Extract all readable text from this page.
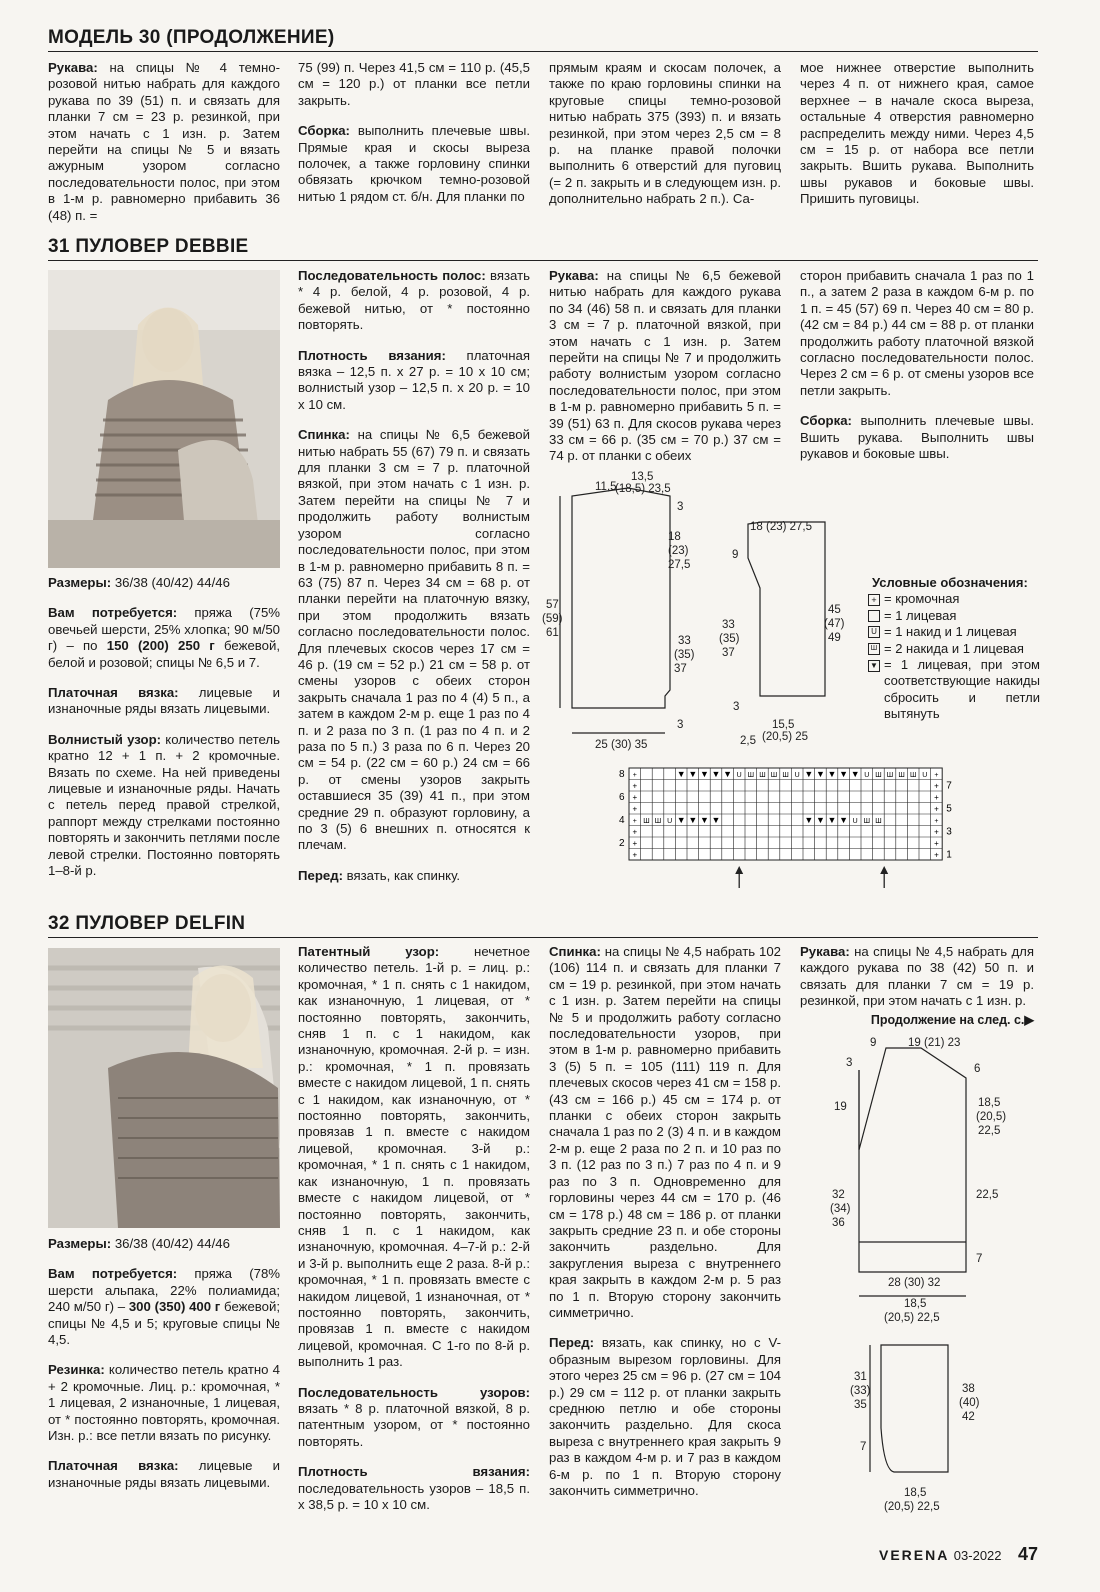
МОДЕЛЬ 30 (ПРОДОЛЖЕНИЕ)

Рукава: на спицы № 4 темно-розовой нитью набрать для каждого рукава по 39 (51) п. и связать для планки 7 см = 23 р. резинкой, при этом начать с 1 изн. р. Затем перейти на спицы № 5 и вязать ажурным узором согласно последовательности полос, при этом в 1-м р. равномерно прибавить 36 (48) п. =

75 (99) п. Через 41,5 см = 110 р. (45,5 см = 120 р.) от планки все петли закрыть.

Сборка: выполнить плечевые швы. Прямые края и скосы выреза полочек, а также горловину спинки обвязать крючком темно-розовой нитью 1 рядом ст. б/н. Для планки по

прямым краям и скосам полочек, а также по краю горловины спинки на круговые спицы темно-розовой нитью набрать 375 (393) п. и вязать резинкой, при этом через 2,5 см = 8 р. на планке правой полочки выполнить 6 отверстий для пуговиц (= 2 п. закрыть и в следующем изн. р. дополнительно набрать 2 п.). Са-

мое нижнее отверстие выполнить через 4 п. от нижнего края, самое верхнее – в начале скоса выреза, остальные 4 отверстия равномерно распределить между ними. Через 4,5 см = 15 р. от набора все петли закрыть. Вшить рукава. Выполнить швы рукавов и боковые швы. Пришить пуговицы.

31 ПУЛОВЕР DEBBIE

Размеры: 36/38 (40/42) 44/46

Вам потребуется: пряжа (75% овечьей шерсти, 25% хлопка; 90 м/50 г) – по 150 (200) 250 г бежевой, белой и розовой; спицы № 6,5 и 7.

Платочная вязка: лицевые и изнаночные ряды вязать лицевыми.

Волнистый узор: количество петель кратно 12 + 1 п. + 2 кромочные. Вязать по схеме. На ней приведены лицевые и изнаночные ряды. Начать с петель перед правой стрелкой, раппорт между стрелками постоянно повторять и закончить петлями после левой стрелки. Постоянно повторять 1–8-й р.

Последовательность полос: вязать * 4 р. белой, 4 р. розовой, 4 р. бежевой нитью, от * постоянно повторять.

Плотность вязания: платочная вязка – 12,5 п. х 27 р. = 10 х 10 см; волнистый узор – 12,5 п. х 20 р. = 10 х 10 см.

Спинка: на спицы № 6,5 бежевой нитью набрать 55 (67) 79 п. и связать для планки 3 см = 7 р. платочной вязкой, при этом начать с 1 изн. р. Затем перейти на спицы № 7 и продолжить работу волнистым узором согласно последовательности полос, при этом в 1-м р. равномерно прибавить 8 п. = 63 (75) 87 п. Через 34 см = 68 р. от планки перейти на платочную вязку, при этом продолжить вязать согласно последовательности полос. Для плечевых скосов через 17 см = 46 р. (19 см = 52 р.) 21 см = 58 р. от смены узоров с обеих сторон закрыть сначала 1 раз по 4 (4) 5 п., а затем в каждом 2-м р. еще 1 раз по 4 п. и 2 раза по 3 п. (1 раз по 4 п. и 2 раза по 5 п.) 3 раза по 6 п. Через 20 см = 54 р. (22 см = 60 р.) 24 см = 66 р. от смены узоров закрыть оставшиеся 35 (39) 41 п., при этом средние 29 п. образуют горловину, а по 3 (5) 6 внешних п. относятся к плечам.

Перед: вязать, как спинку.

Рукава: на спицы № 6,5 бежевой нитью набрать для каждого рукава по 34 (46) 58 п. и связать для планки 3 см = 7 р. платочной вязкой, при этом начать с 1 изн. р. Затем перейти на спицы № 7 и продолжить работу волнистым узором согласно последовательности полос, при этом в 1-м р. равномерно прибавить 5 п. = 39 (51) 63 п. Для скосов рукава через 33 см = 66 р. (35 см = 70 р.) 37 см = 74 р. от планки с обеих

сторон прибавить сначала 1 раз по 1 п., а затем 2 раза в каждом 6-м р. по 1 п. = 45 (57) 69 п. Через 40 см = 80 р. (42 см = 84 р.) 44 см = 88 р. от планки продолжить работу платочной вязкой согласно последовательности полос. Через 2 см = 6 р. от смены узоров все петли закрыть.

Сборка: выполнить плечевые швы. Вшить рукава. Выполнить швы рукавов и боковые швы.

11,5
13,5
(18,5) 23,5
3
18
(23)
27,5
33
(35)
37
57
(59)
61
3
25 (30) 35
18 (23) 27,5
9
33
(35)
37
45
(47)
49
3
2,5
15,5
(20,5) 25
Условные обозначения:
+ = кромочная
= 1 лицевая
U = 1 накид и 1 лицевая
Ш = 2 накида и 1 лицевая
▼ = 1 лицевая, при этом соответствующие накиды сбросить и петли вытянуть
8
6
4
2
7
5
3
1
+	▼ ▼ ▼ ▼ ▼ U Ш Ш Ш Ш U ▼ ▼ ▼ ▼ ▼ U Ш Ш Ш Ш U +
+ Ш Ш U ▼ ▼ ▼ ▼	▼ ▼ ▼ ▼ U Ш Ш	+
+	+
+	+
+	+
+	+
+	+
+	+
32 ПУЛОВЕР DELFIN

Размеры: 36/38 (40/42) 44/46

Вам потребуется: пряжа (78% шерсти альпака, 22% полиамида; 240 м/50 г) – 300 (350) 400 г бежевой; спицы № 4,5 и 5; круговые спицы № 4,5.

Резинка: количество петель кратно 4 + 2 кромочные. Лиц. р.: кромочная, * 1 лицевая, 2 изнаночные, 1 лицевая, от * постоянно повторять, кромочная. Изн. р.: все петли вязать по рисунку.

Платочная вязка: лицевые и изнаночные ряды вязать лицевыми.

Патентный узор: нечетное количество петель. 1-й р. = лиц. р.: кромочная, * 1 п. снять с 1 накидом, как изнаночную, 1 лицевая, от * постоянно повторять, закончить, сняв 1 п. с 1 накидом, как изнаночную, кромочная. 2-й р. = изн. р.: кромочная, * 1 п. провязать вместе с накидом лицевой, 1 п. снять с 1 накидом, как изнаночную, от * постоянно повторять, закончить, провязав 1 п. вместе с накидом лицевой, кромочная. 3-й р.: кромочная, * 1 п. снять с 1 накидом, как изнаночную, 1 п. провязать вместе с накидом лицевой, от * постоянно повторять, закончить, сняв 1 п. с 1 накидом, как изнаночную, кромочная. 4–7-й р.: 2-й и 3-й р. выполнить еще 2 раза. 8-й р.: кромочная, * 1 п. провязать вместе с накидом лицевой, 1 изнаночная, от * постоянно повторять, закончить, провязав 1 п. вместе с накидом лицевой, кромочная. С 1-го по 8-й р. выполнить 1 раз.

Последовательность узоров: вязать * 8 р. платочной вязкой, 8 р. патентным узором, от * постоянно повторять.

Плотность вязания: последовательность узоров – 18,5 п. х 38,5 р. = 10 х 10 см.

Спинка: на спицы № 4,5 набрать 102 (106) 114 п. и связать для планки 7 см = 19 р. резинкой, при этом начать с 1 изн. р. Затем перейти на спицы № 5 и продолжить работу согласно последовательности узоров, при этом в 1-м р. равномерно прибавить 3 (5) 5 п. = 105 (111) 119 п. Для плечевых скосов через 41 см = 158 р. (43 см = 166 р.) 45 см = 174 р. от планки с обеих сторон закрыть сначала 1 раз по 2 (3) 4 п. и в каждом 2-м р. еще 2 раза по 2 п. и 10 раз по 3 п. (12 раз по 3 п.) 7 раз по 4 п. и 9 раз по 3 п. Одновременно для горловины через 44 см = 170 р. (46 см = 178 р.) 48 см = 186 р. от планки закрыть средние 23 п. и обе стороны закончить раздельно. Для закругления выреза с внутреннего края закрыть в каждом 2-м р. 5 раз по 1 п. Вторую сторону закончить симметрично.

Перед: вязать, как спинку, но с V-образным вырезом горловины. Для этого через 25 см = 96 р. (27 см = 104 р.) 29 см = 112 р. от планки закрыть среднюю петлю и обе стороны закончить раздельно. Для скоса выреза с внутреннего края закрыть 9 раз в каждом 4-м р. и 7 раз в каждом 6-м р. по 1 п. Вторую сторону закончить симметрично.

Рукава: на спицы № 4,5 набрать для каждого рукава по 38 (42) 50 п. и связать для планки 7 см = 19 р. резинкой, при этом начать с 1 изн. р.

Продолжение на след. с.▶
3
9	19 (21) 23
6
19	18,5
(20,5)
22,5
32
(34)
36
22,5
7
28 (30) 32
18,5
(20,5) 22,5
31
(33)
35
38
(40)
42
7
18,5
(20,5) 22,5
VERENA 03-2022 47
